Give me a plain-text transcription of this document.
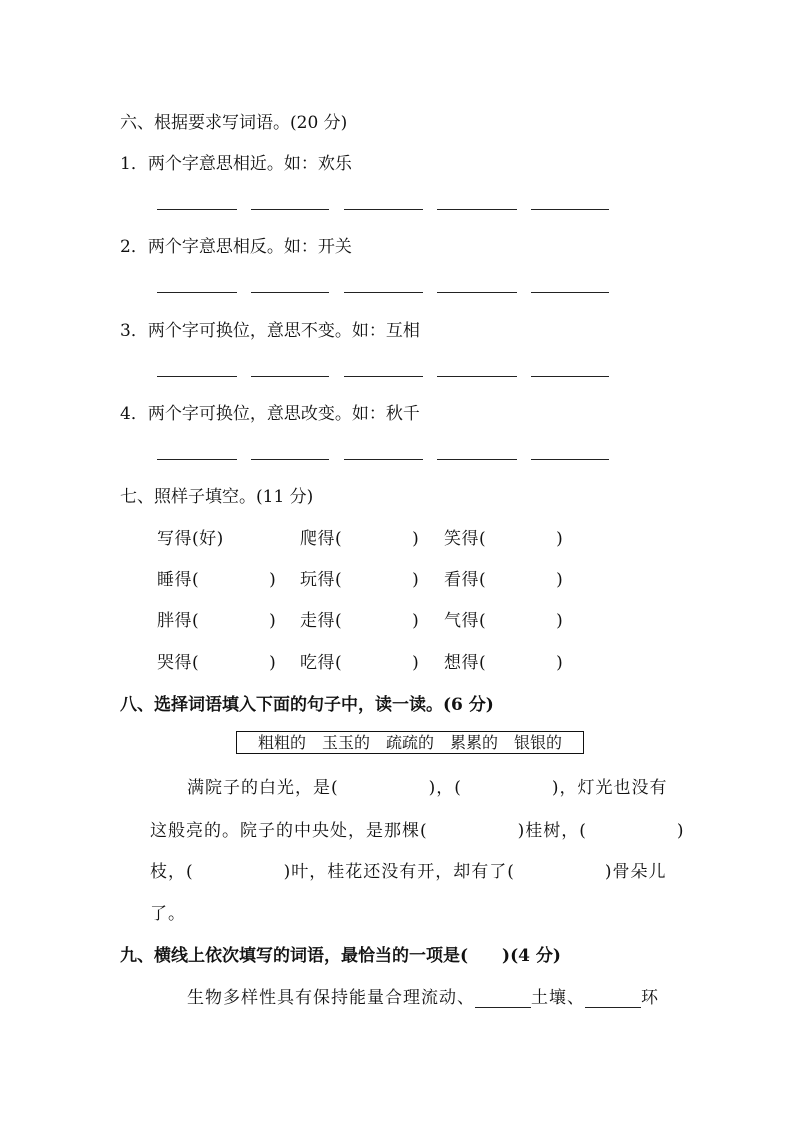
六、根据要求写词语。(20 分)
1．两个字意思相近。如：欢乐
2．两个字意思相反。如：开关
3．两个字可换位，意思不变。如：互相
4．两个字可换位，意思改变。如：秋千
七、照样子填空。(11 分)
写得(好)	爬得(　　　　) 笑得(　　　　)
睡得(　　　　) 玩得(　　　　) 看得(　　　　)
胖得(　　　　) 走得(　　　　) 气得(　　　　)
哭得(　　　　) 吃得(　　　　) 想得(　　　　)
八、选择词语填入下面的句子中，读一读。(6 分)
粗粗的　玉玉的　疏疏的　累累的　银银的
满院子的白光，是(　　　　　)，(　　　　　)，灯光也没有
这般亮的。院子的中央处，是那棵(　　　　　)桂树，(　　　　　)
枝，(　　　　　)叶，桂花还没有开，却有了(　　　　　)骨朵儿
了。
九、横线上依次填写的词语，最恰当的一项是(　　)(4 分)
生物多样性具有保持能量合理流动、	土壤、	环
